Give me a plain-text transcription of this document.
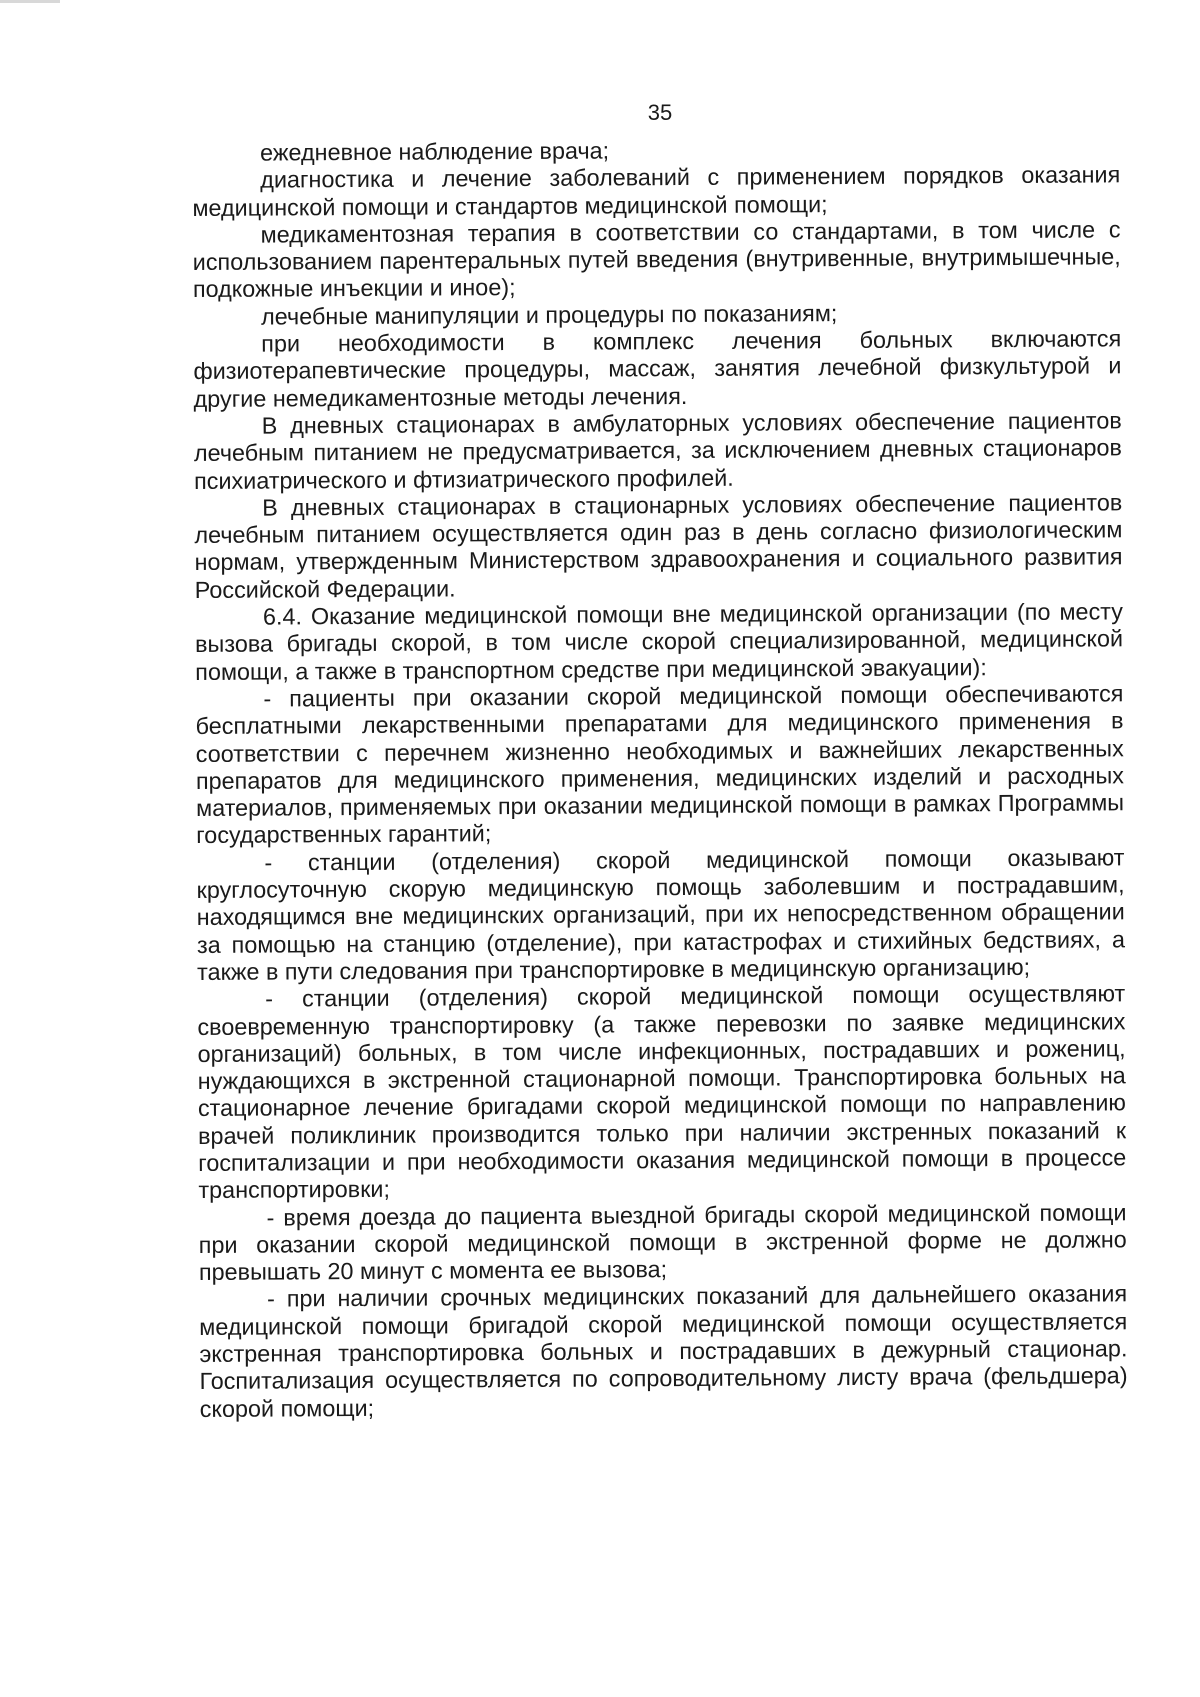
35

ежедневное наблюдение врача;

диагностика и лечение заболеваний с применением порядков оказания медицинской помощи и стандартов медицинской помощи;

медикаментозная терапия в соответствии со стандартами, в том числе с использованием парентеральных путей введения (внутривенные, внутримышечные, подкожные инъекции и иное);

лечебные манипуляции и процедуры по показаниям;

при необходимости в комплекс лечения больных включаются физиотерапевтические процедуры, массаж, занятия лечебной физкультурой и другие немедикаментозные методы лечения.

В дневных стационарах в амбулаторных условиях обеспечение пациентов лечебным питанием не предусматривается, за исключением дневных стационаров психиатрического и фтизиатрического профилей.

В дневных стационарах в стационарных условиях обеспечение пациентов лечебным питанием осуществляется один раз в день согласно физиологическим нормам, утвержденным Министерством здравоохранения и социального развития Российской Федерации.

6.4. Оказание медицинской помощи вне медицинской организации (по месту вызова бригады скорой, в том числе скорой специализированной, медицинской помощи, а также в транспортном средстве при медицинской эвакуации):

- пациенты при оказании скорой медицинской помощи обеспечиваются бесплатными лекарственными препаратами для медицинского применения в соответствии с перечнем жизненно необходимых и важнейших лекарственных препаратов для медицинского применения, медицинских изделий и расходных материалов, применяемых при оказании медицинской помощи в рамках Программы государственных гарантий;

- станции (отделения) скорой медицинской помощи оказывают круглосуточную скорую медицинскую помощь заболевшим и пострадавшим, находящимся вне медицинских организаций, при их непосредственном обращении за помощью на станцию (отделение), при катастрофах и стихийных бедствиях, а также в пути следования при транспортировке в медицинскую организацию;

- станции (отделения) скорой медицинской помощи осуществляют своевременную транспортировку (а также перевозки по заявке медицинских организаций) больных, в том числе инфекционных, пострадавших и рожениц, нуждающихся в экстренной стационарной помощи. Транспортировка больных на стационарное лечение бригадами скорой медицинской помощи по направлению врачей поликлиник производится только при наличии экстренных показаний к госпитализации и при необходимости оказания медицинской помощи в процессе транспортировки;

- время доезда до пациента выездной бригады скорой медицинской помощи при оказании скорой медицинской помощи в экстренной форме не должно превышать 20 минут с момента ее вызова;

- при наличии срочных медицинских показаний для дальнейшего оказания медицинской помощи бригадой скорой медицинской помощи осуществляется экстренная транспортировка больных и пострадавших в дежурный стационар. Госпитализация осуществляется по сопроводительному листу врача (фельдшера) скорой помощи;
